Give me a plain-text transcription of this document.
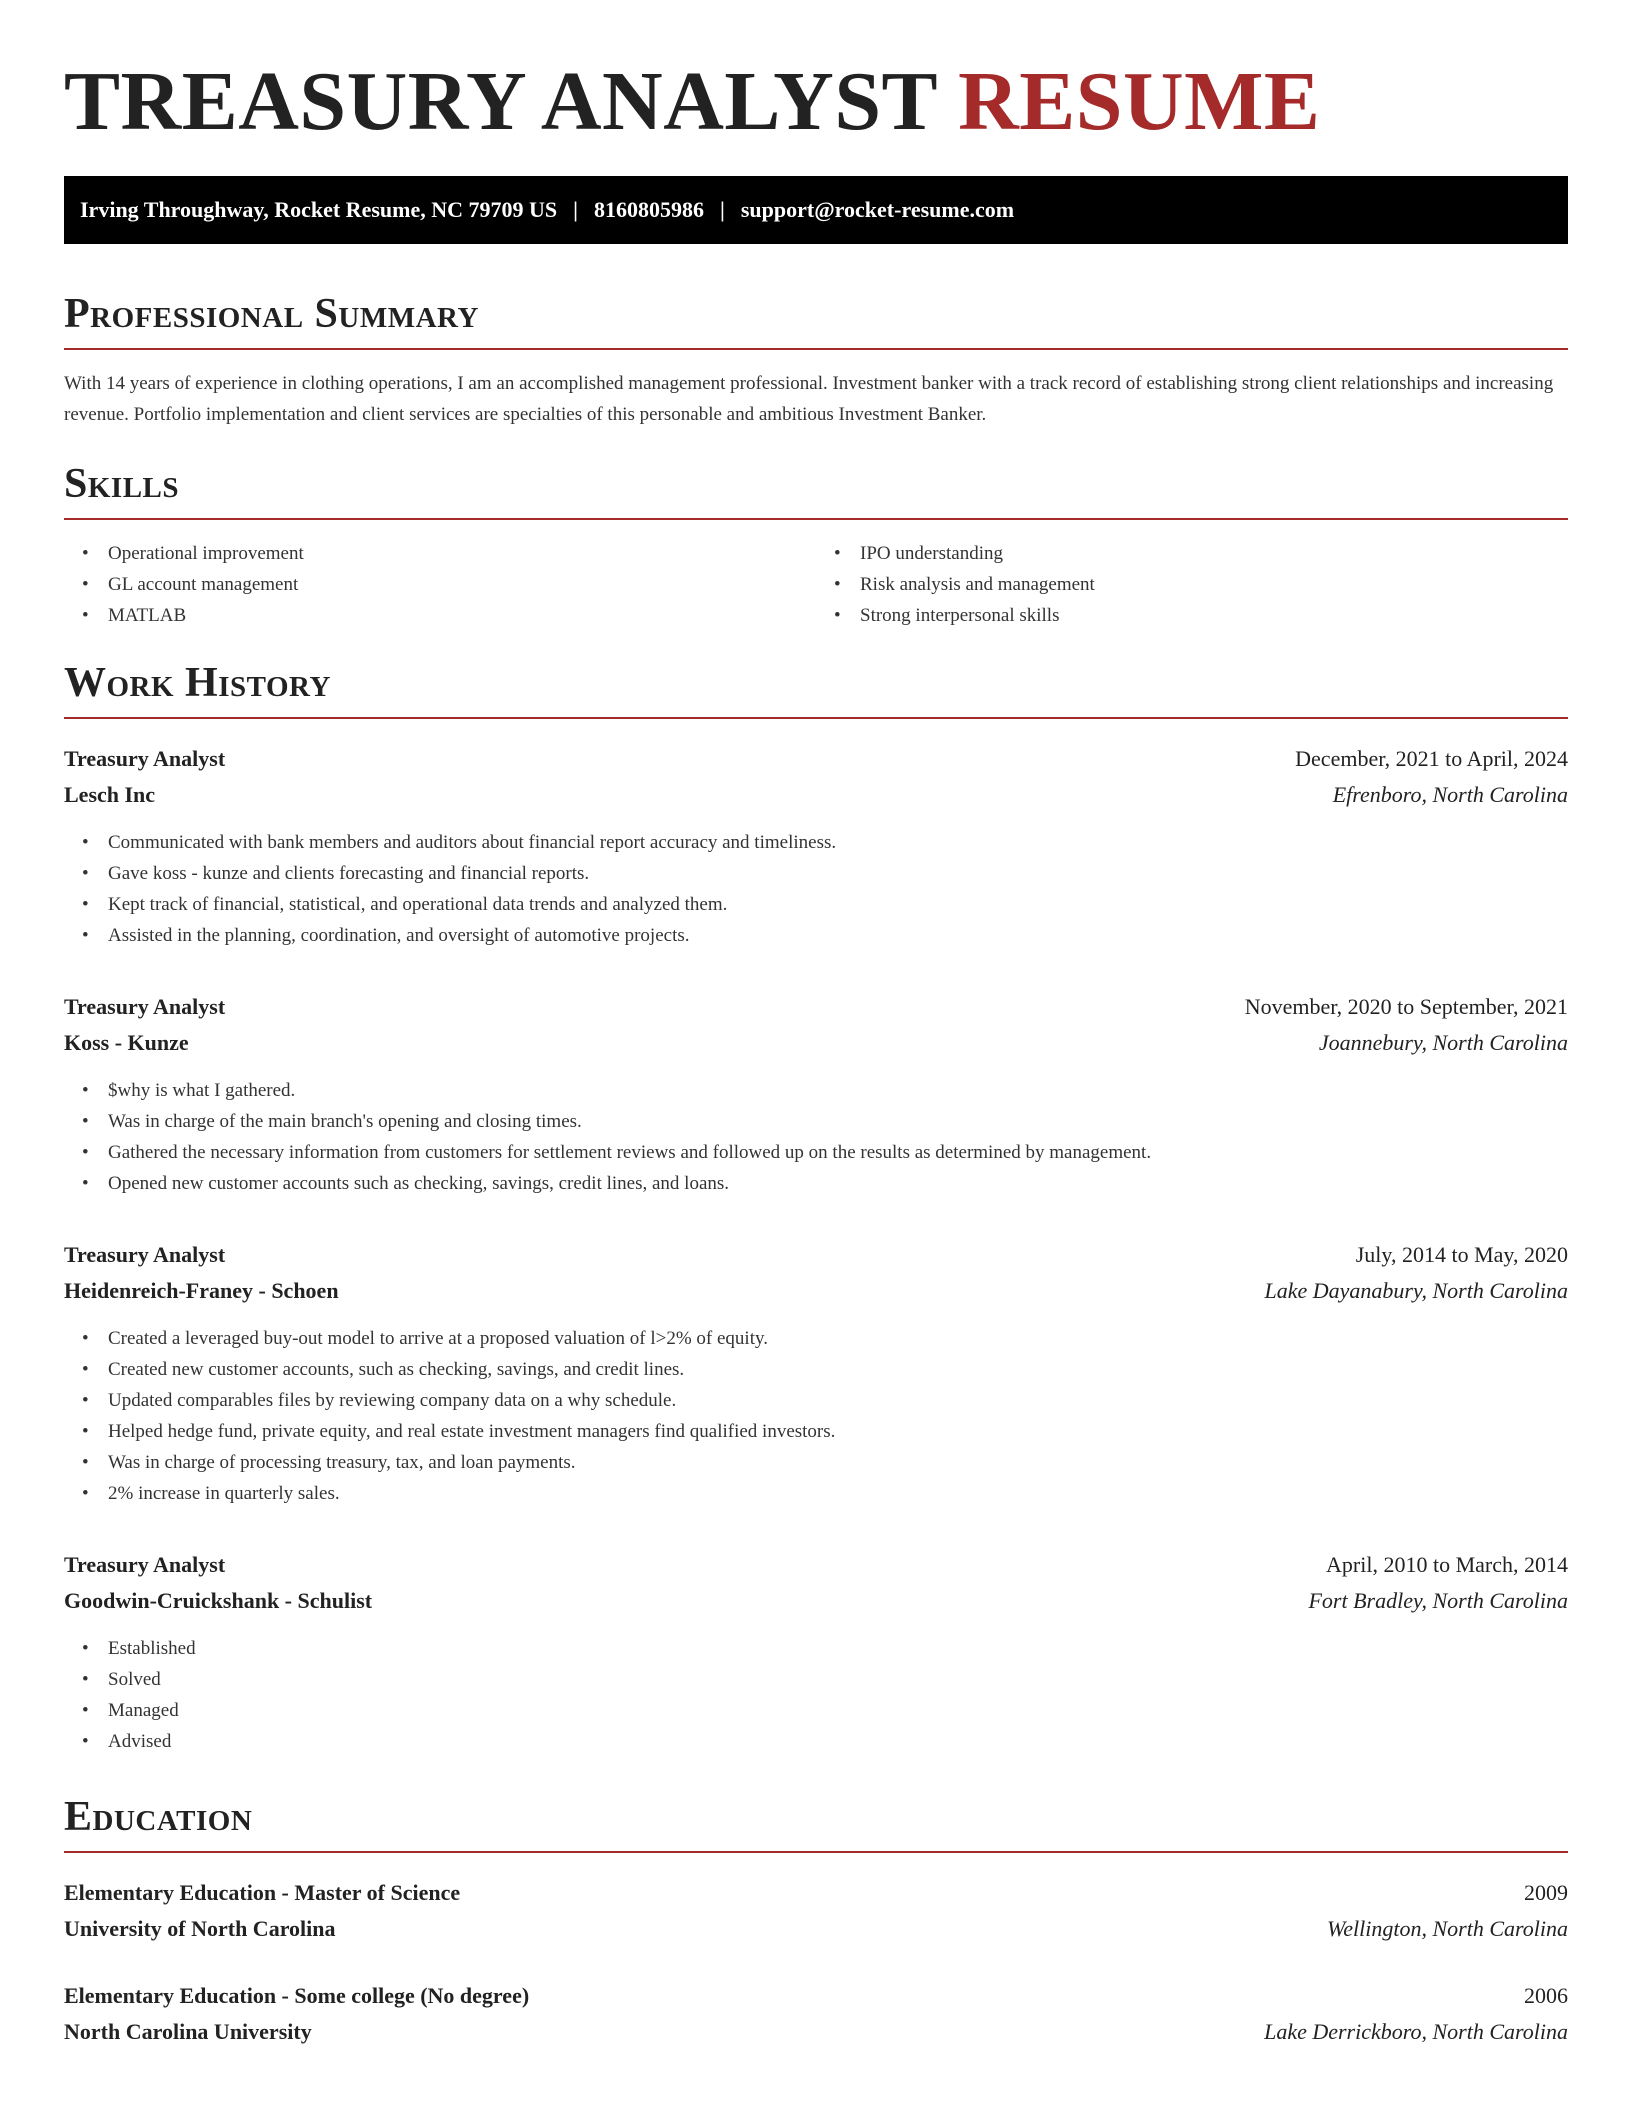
TREASURY ANALYST RESUME
Irving Throughway, Rocket Resume, NC 79709 US | 8160805986 | support@rocket-resume.com
Professional Summary

With 14 years of experience in clothing operations, I am an accomplished management professional. Investment banker with a track record of establishing strong client relationships and increasing revenue. Portfolio implementation and client services are specialties of this personable and ambitious Investment Banker.

Skills
• Operational improvement
• GL account management
• MATLAB
• IPO understanding
• Risk analysis and management
• Strong interpersonal skills
Work History
Treasury Analyst	December, 2021 to April, 2024
Lesch Inc	Efrenboro, North Carolina
• Communicated with bank members and auditors about financial report accuracy and timeliness.
• Gave koss - kunze and clients forecasting and financial reports.
• Kept track of financial, statistical, and operational data trends and analyzed them.
• Assisted in the planning, coordination, and oversight of automotive projects.
Treasury Analyst	November, 2020 to September, 2021
Koss - Kunze	Joannebury, North Carolina
• $why is what I gathered.
• Was in charge of the main branch's opening and closing times.
• Gathered the necessary information from customers for settlement reviews and followed up on the results as determined by management.
• Opened new customer accounts such as checking, savings, credit lines, and loans.
Treasury Analyst	July, 2014 to May, 2020
Heidenreich-Franey - Schoen	Lake Dayanabury, North Carolina
• Created a leveraged buy-out model to arrive at a proposed valuation of l>2% of equity.
• Created new customer accounts, such as checking, savings, and credit lines.
• Updated comparables files by reviewing company data on a why schedule.
• Helped hedge fund, private equity, and real estate investment managers find qualified investors.
• Was in charge of processing treasury, tax, and loan payments.
• 2% increase in quarterly sales.
Treasury Analyst	April, 2010 to March, 2014
Goodwin-Cruickshank - Schulist	Fort Bradley, North Carolina
• Established
• Solved
• Managed
• Advised
Education
Elementary Education - Master of Science	2009
University of North Carolina	Wellington, North Carolina
Elementary Education - Some college (No degree)	2006
North Carolina University	Lake Derrickboro, North Carolina
